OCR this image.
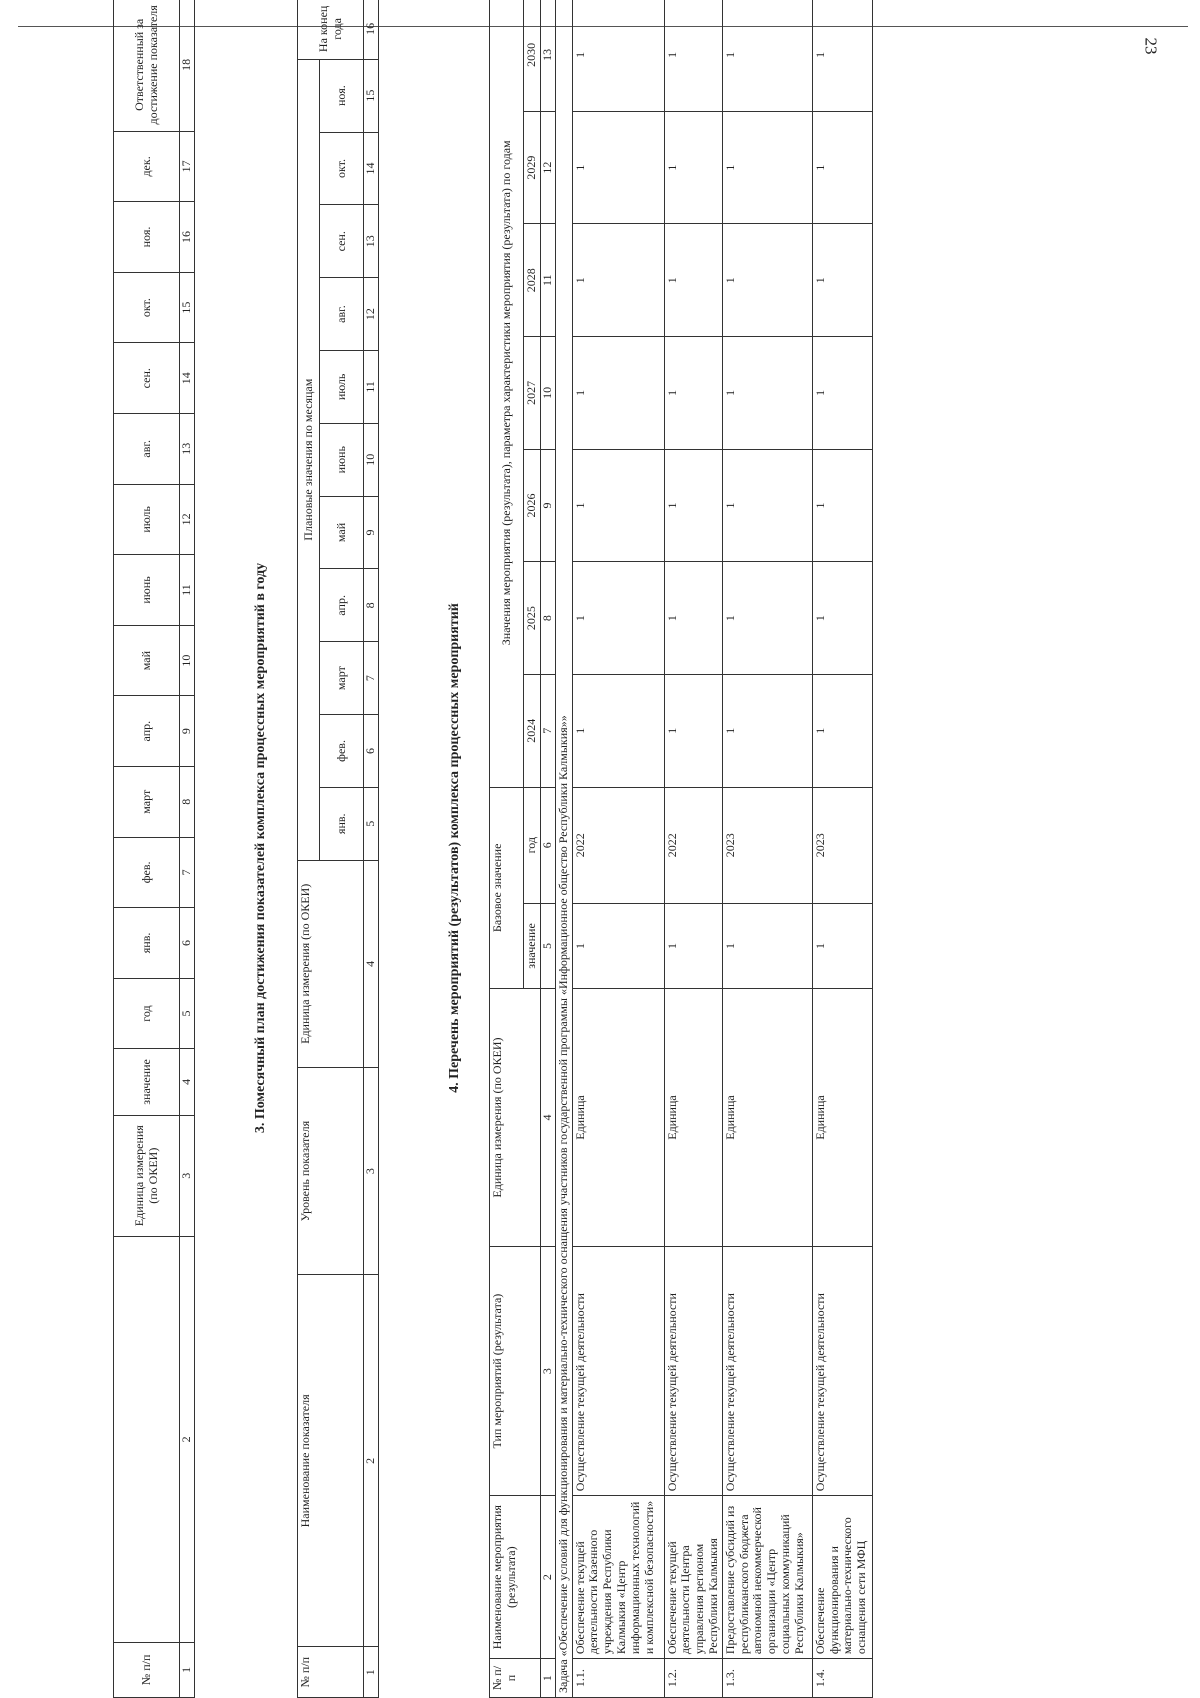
23
№ п/п		Единица измерения (по ОКЕИ)	значение	год	янв.	фев.	март	апр.	май	июнь	июль	авг.	сен.	окт.	ноя.	дек.	Ответственный за достижение показателя
1	2	3	4	5	6	7	8	9	10	11	12	13	14	15	16	17	18
3. Помесячный план достижения показателей комплекса процессных мероприятий в году
№ п/п	Наименование показателя	Уровень показателя	Единица измерения (по ОКЕИ)	Плановые значения по месяцам											На конец года
				янв.	фев.	март	апр.	май	июнь	июль	авг.	сен.	окт.	ноя.	
1	2	3	4	5	6	7	8	9	10	11	12	13	14	15	16
4. Перечень мероприятий (результатов) комплекса процессных мероприятий
№ п/п	Наименование мероприятия (результата)	Тип мероприятий (результата)	Единица измерения (по ОКЕИ)	Базовое значение		Значения мероприятия (результата), параметра характеристики мероприятия (результата) по годам						

				значение	год	2024	2025	2026	2027	2028	2029	2030
1	2	3	4	5	6	7	8	9	10	11	12	13
Задача «Обеспечение условий для функционирования и материально-технического оснащения участников государственной программы «Информационное общество Республики Калмыкия»»												
1.1.	Обеспечение текущей деятельности Казенного учреждения Республики Калмыкия «Центр информационных технологий и комплексной безопасности»	Осуществление текущей деятельности	Единица	1	2022	1	1	1	1	1	1	1
1.2.	Обеспечение текущей деятельности Центра управления регионом Республики Калмыкия	Осуществление текущей деятельности	Единица	1	2022	1	1	1	1	1	1	1
1.3.	Предоставление субсидий из республиканского бюджета автономной некоммерческой организации «Центр социальных коммуникаций Республики Калмыкия»	Осуществление текущей деятельности	Единица	1	2023	1	1	1	1	1	1	1
1.4.	Обеспечение функционирования и материально-технического оснащения сети МФЦ	Осуществление текущей деятельности	Единица	1	2023	1	1	1	1	1	1	1
